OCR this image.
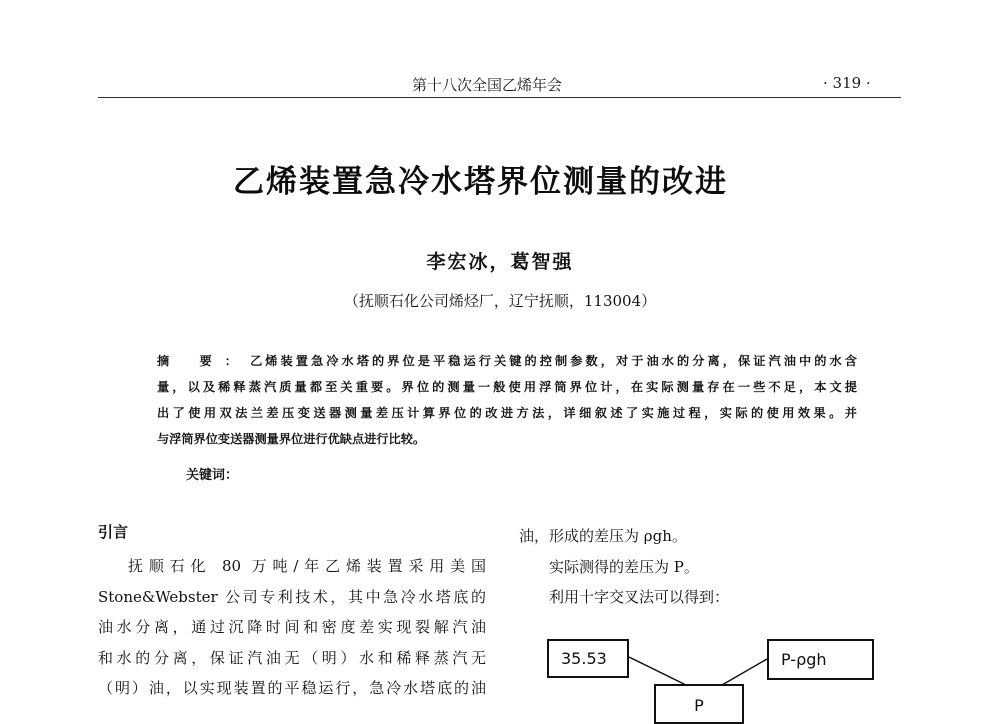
第十八次全国乙烯年会	· 319 ·
乙烯装置急冷水塔界位测量的改进
李宏冰，葛智强
（抚顺石化公司烯烃厂，辽宁抚顺，113004）

摘 要：乙烯装置急冷水塔的界位是平稳运行关键的控制参数，对于油水的分离，保证汽油中的水含

量，以及稀释蒸汽质量都至关重要。界位的测量一般使用浮筒界位计，在实际测量存在一些不足，本文提

出了使用双法兰差压变送器测量差压计算界位的改进方法，详细叙述了实施过程，实际的使用效果。并

与浮筒界位变送器测量界位进行优缺点进行比较。

关键词：
引言

抚顺石化 80 万吨/年乙烯装置采用美国

Stone&Webster 公司专利技术，其中急冷水塔底的

油水分离，通过沉降时间和密度差实现裂解汽油

和水的分离，保证汽油无（明）水和稀释蒸汽无

（明）油，以实现装置的平稳运行，急冷水塔底的油

油，形成的差压为 ρgh。

实际测得的差压为 P。

利用十字交叉法可以得到：

35.53	P-ρgh
P
